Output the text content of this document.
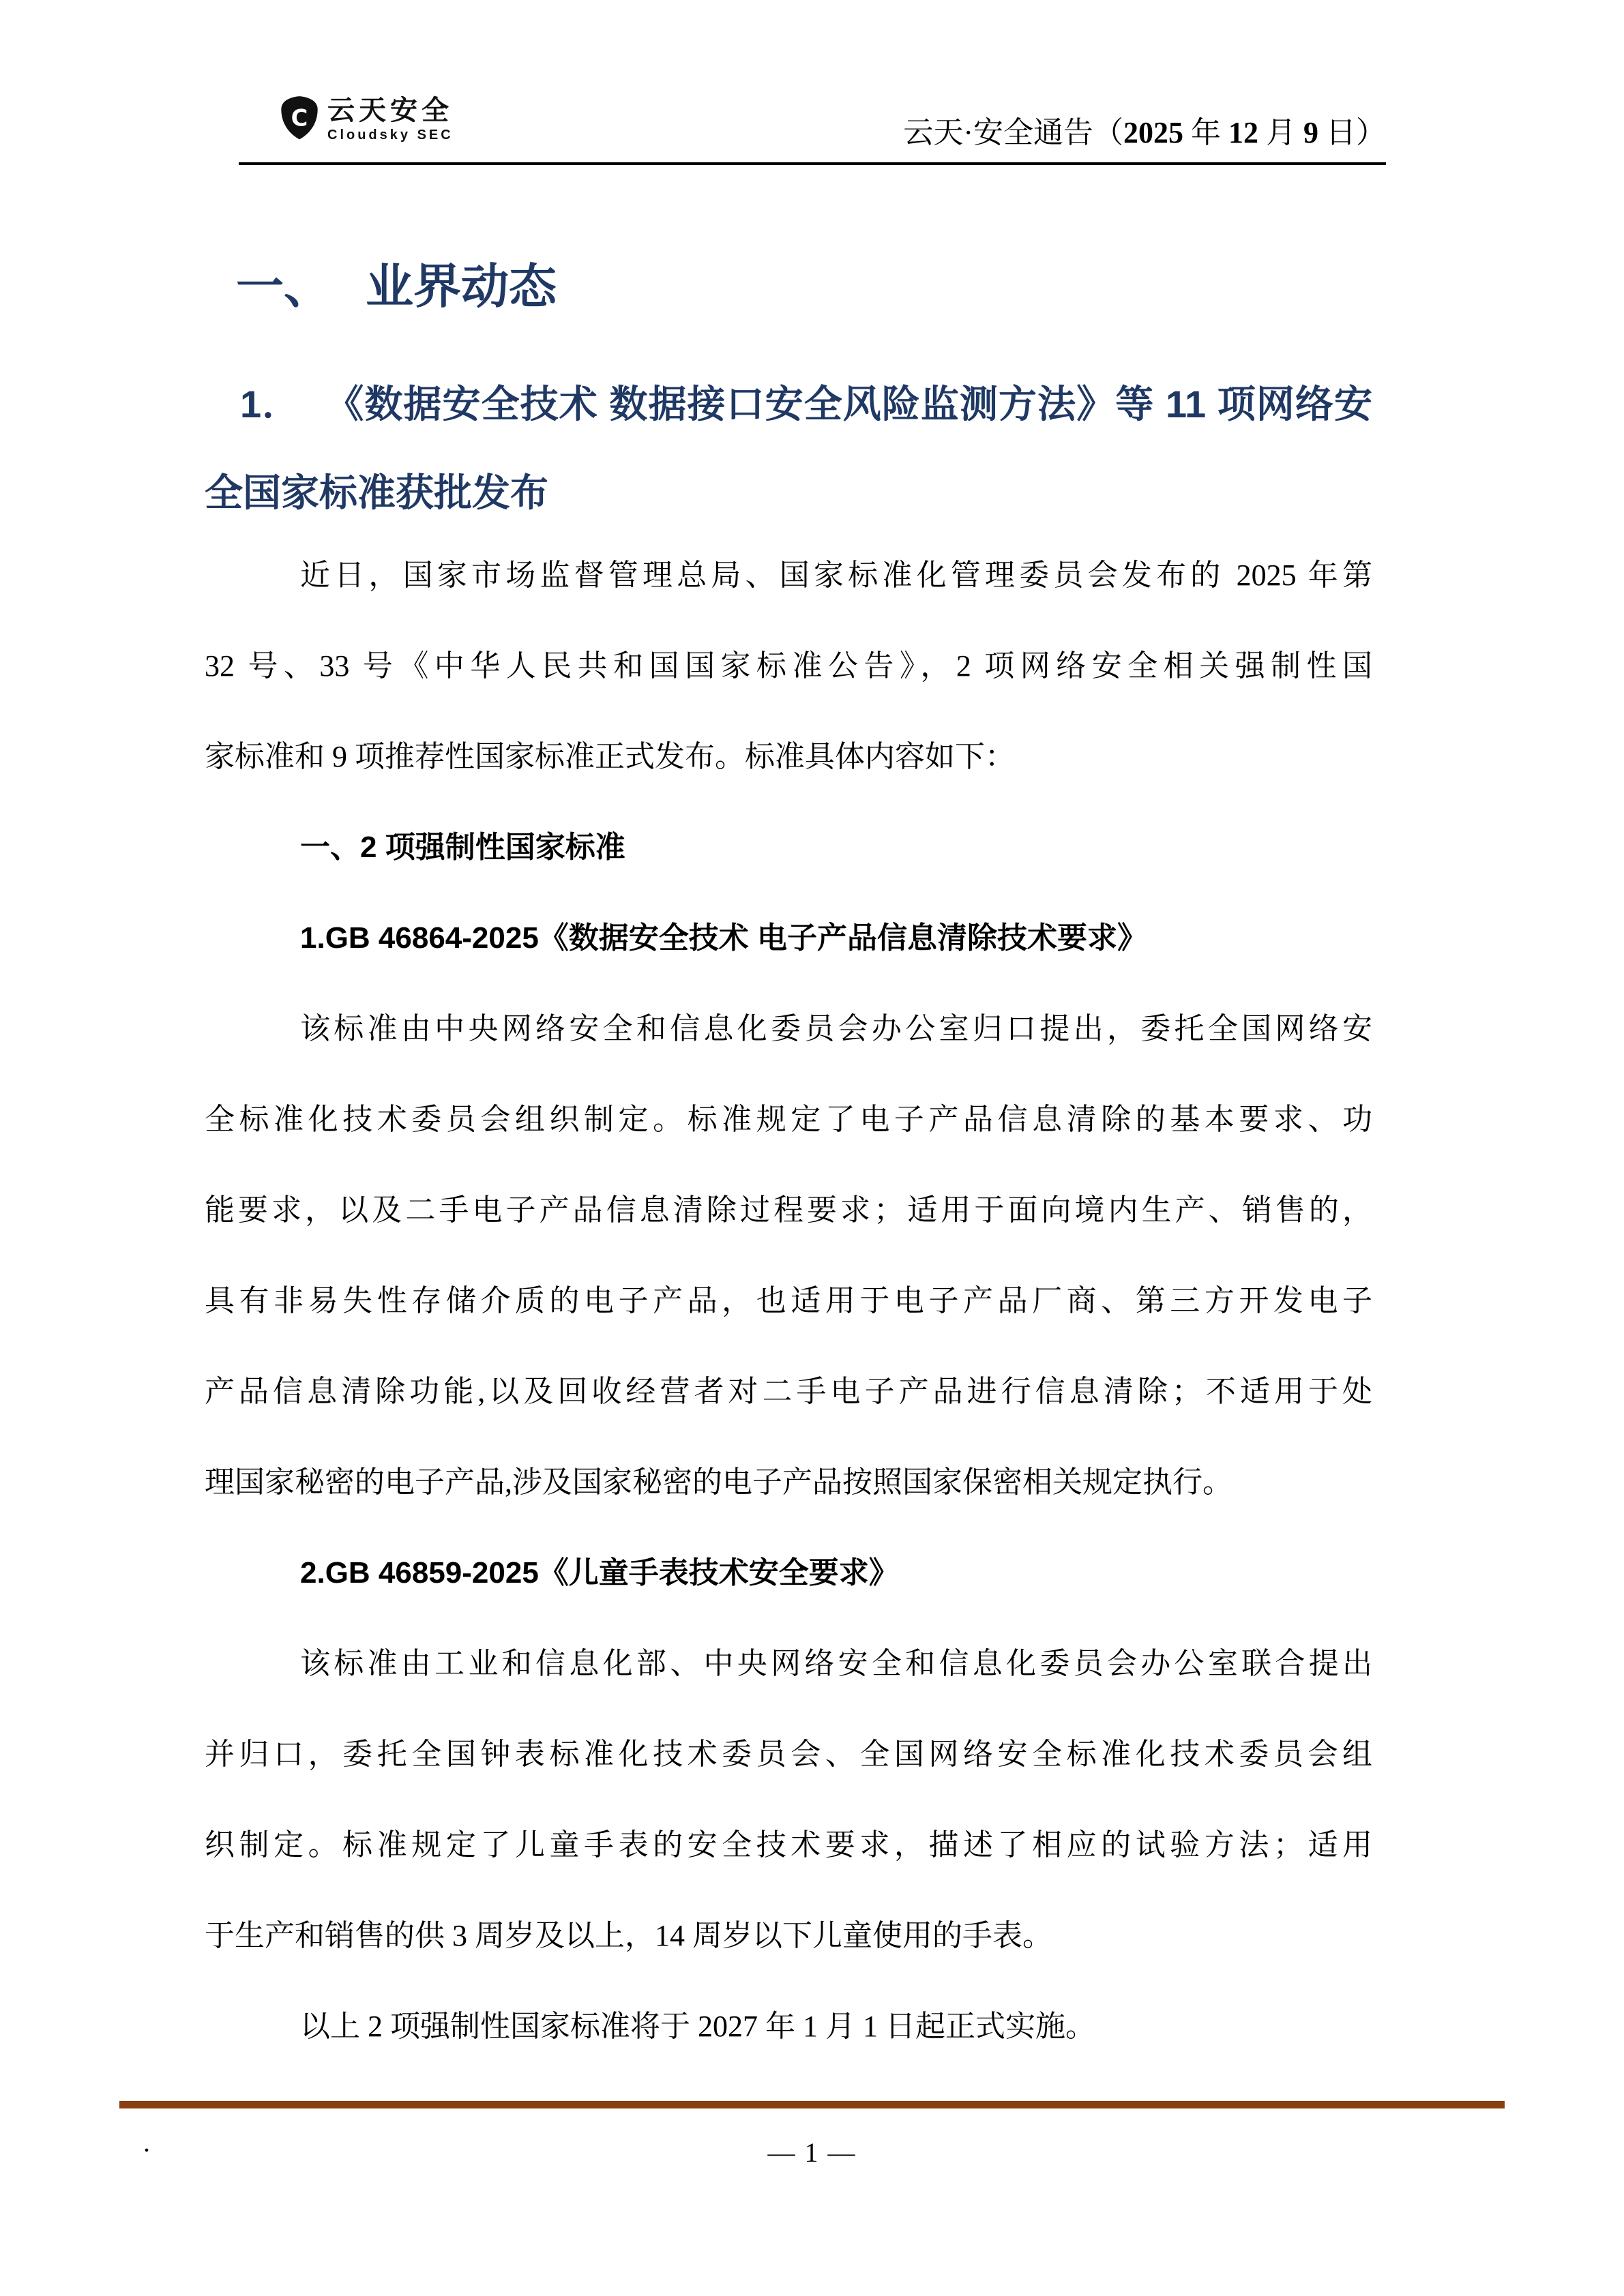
C 云天安全
Cloudsky SEC	云天·安全通告（2025 年 12 月 9 日）
一、 业界动态
1． 《数据安全技术 数据接口安全风险监测方法》等 11 项网络安
全国家标准获批发布
近日，国家市场监督管理总局、国家标准化管理委员会发布的 2025 年第
32 号、33 号《中华人民共和国国家标准公告》，2 项网络安全相关强制性国
家标准和 9 项推荐性国家标准正式发布。标准具体内容如下：
一、2 项强制性国家标准
1.GB 46864-2025《数据安全技术 电子产品信息清除技术要求》
该标准由中央网络安全和信息化委员会办公室归口提出，委托全国网络安
全标准化技术委员会组织制定。标准规定了电子产品信息清除的基本要求、功
能要求，以及二手电子产品信息清除过程要求；适用于面向境内生产、销售的，
具有非易失性存储介质的电子产品，也适用于电子产品厂商、第三方开发电子
产品信息清除功能,以及回收经营者对二手电子产品进行信息清除；不适用于处
理国家秘密的电子产品,涉及国家秘密的电子产品按照国家保密相关规定执行。
2.GB 46859-2025《儿童手表技术安全要求》
该标准由工业和信息化部、中央网络安全和信息化委员会办公室联合提出
并归口，委托全国钟表标准化技术委员会、全国网络安全标准化技术委员会组
织制定。标准规定了儿童手表的安全技术要求，描述了相应的试验方法；适用
于生产和销售的供 3 周岁及以上，14 周岁以下儿童使用的手表。
以上 2 项强制性国家标准将于 2027 年 1 月 1 日起正式实施。
.	— 1 —
